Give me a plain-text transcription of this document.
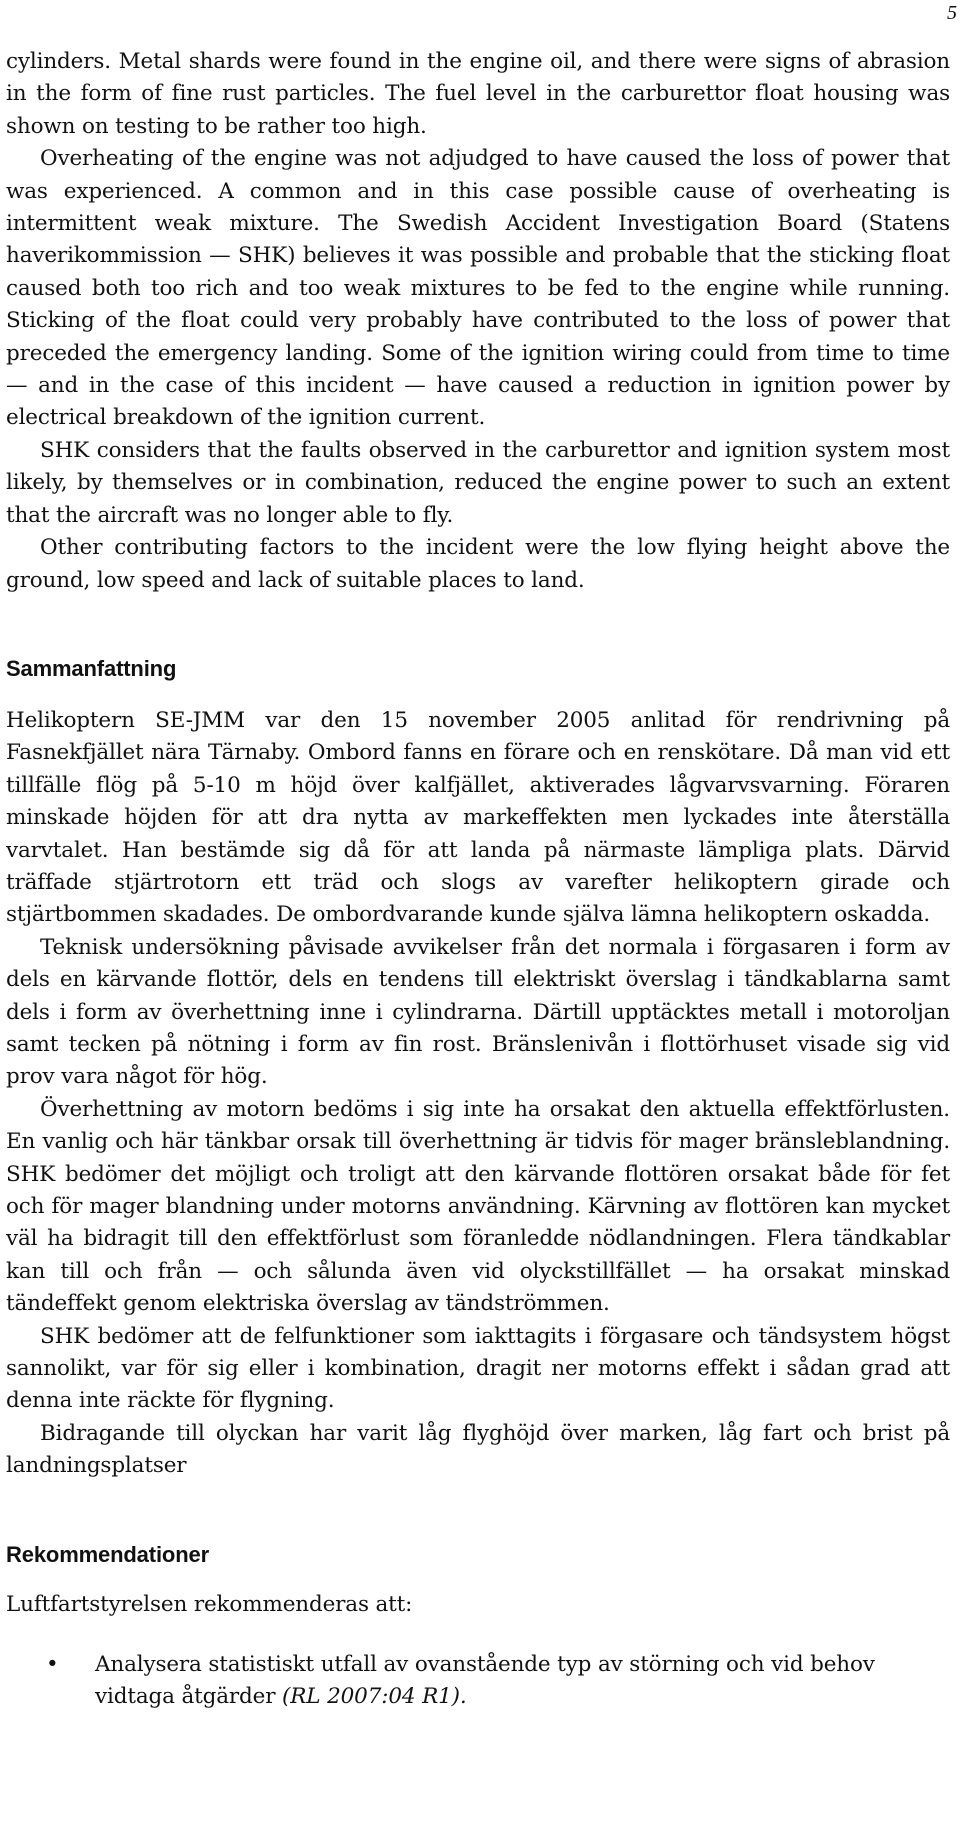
5

cylinders. Metal shards were found in the engine oil, and there were signs of abrasion in the form of fine rust particles. The fuel level in the carburettor float housing was shown on testing to be rather too high.

Overheating of the engine was not adjudged to have caused the loss of power that was experienced. A common and in this case possible cause of overheating is intermittent weak mixture. The Swedish Accident Investigation Board (Statens haverikommission — SHK) believes it was possible and probable that the sticking float caused both too rich and too weak mixtures to be fed to the engine while running. Sticking of the float could very probably have contributed to the loss of power that preceded the emergency landing. Some of the ignition wiring could from time to time — and in the case of this incident — have caused a reduction in ignition power by electrical breakdown of the ignition current.

SHK considers that the faults observed in the carburettor and ignition system most likely, by themselves or in combination, reduced the engine power to such an extent that the aircraft was no longer able to fly.

Other contributing factors to the incident were the low flying height above the ground, low speed and lack of suitable places to land.

Sammanfattning

Helikoptern SE-JMM var den 15 november 2005 anlitad för rendrivning på Fasnekfjället nära Tärnaby. Ombord fanns en förare och en renskötare. Då man vid ett tillfälle flög på 5-10 m höjd över kalfjället, aktiverades lågvarvsvarning. Föraren minskade höjden för att dra nytta av markeffekten men lyckades inte återställa varvtalet. Han bestämde sig då för att landa på närmaste lämpliga plats. Därvid träffade stjärtrotorn ett träd och slogs av varefter helikoptern girade och stjärtbommen skadades. De ombordvarande kunde själva lämna helikoptern oskadda.

Teknisk undersökning påvisade avvikelser från det normala i förgasaren i form av dels en kärvande flottör, dels en tendens till elektriskt överslag i tändkablarna samt dels i form av överhettning inne i cylindrarna. Därtill upptäcktes metall i motoroljan samt tecken på nötning i form av fin rost. Bränslenivån i flottörhuset visade sig vid prov vara något för hög.

Överhettning av motorn bedöms i sig inte ha orsakat den aktuella effektförlusten. En vanlig och här tänkbar orsak till överhettning är tidvis för mager bränsleblandning. SHK bedömer det möjligt och troligt att den kärvande flottören orsakat både för fet och för mager blandning under motorns användning. Kärvning av flottören kan mycket väl ha bidragit till den effektförlust som föranledde nödlandningen. Flera tändkablar kan till och från — och sålunda även vid olyckstillfället — ha orsakat minskad tändeffekt genom elektriska överslag av tändströmmen.

SHK bedömer att de felfunktioner som iakttagits i förgasare och tändsystem högst sannolikt, var för sig eller i kombination, dragit ner motorns effekt i sådan grad att denna inte räckte för flygning.

Bidragande till olyckan har varit låg flyghöjd över marken, låg fart och brist på landningsplatser

Rekommendationer

Luftfartstyrelsen rekommenderas att:

• Analysera statistiskt utfall av ovanstående typ av störning och vid behov vidtaga åtgärder (RL 2007:04 R1).
